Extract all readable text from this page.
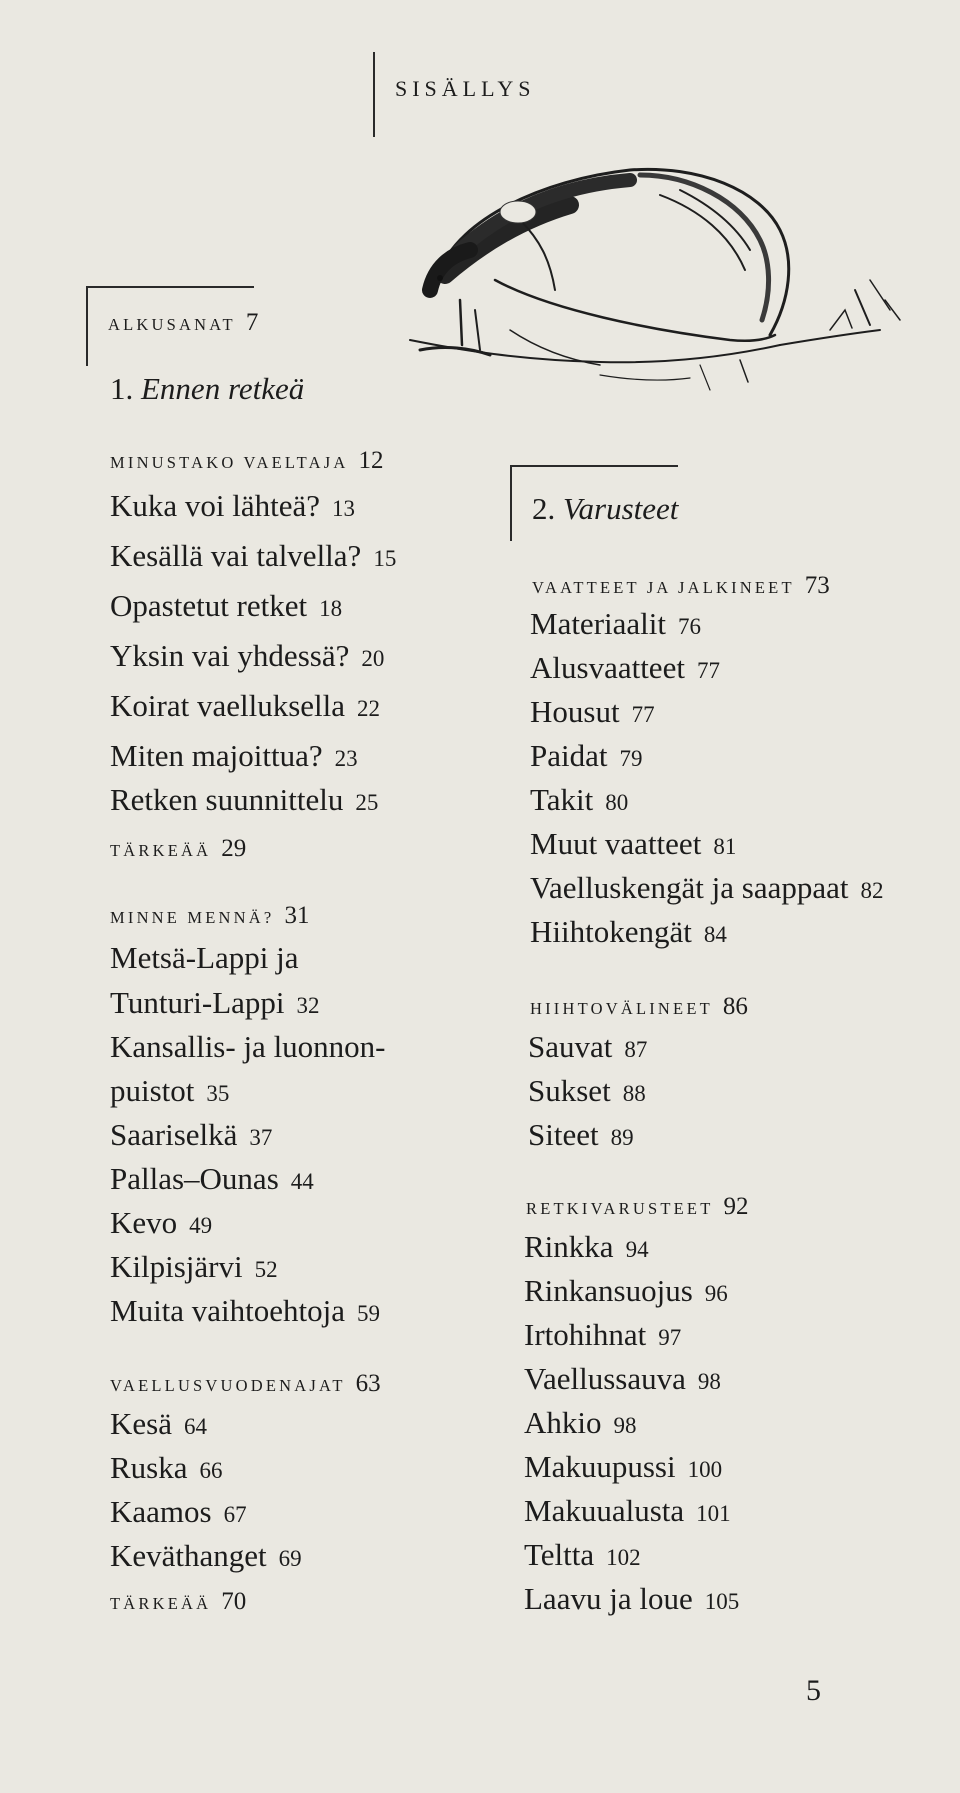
SISÄLLYS
ALKUSANAT 7
1. Ennen retkeä
MINUSTAKO VAELTAJA 12
Kuka voi lähteä? 13
Kesällä vai talvella? 15
Opastetut retket 18
Yksin vai yhdessä? 20
Koirat vaelluksella 22
Miten majoittua? 23
Retken suunnittelu 25
TÄRKEÄÄ 29
MINNE MENNÄ? 31
Metsä-Lappi ja
Tunturi-Lappi 32
Kansallis- ja luonnon-
puistot 35
Saariselkä 37
Pallas–Ounas 44
Kevo 49
Kilpisjärvi 52
Muita vaihtoehtoja 59
VAELLUSVUODENAJAT 63
Kesä 64
Ruska 66
Kaamos 67
Keväthanget 69
TÄRKEÄÄ 70
2. Varusteet
VAATTEET JA JALKINEET 73
Materiaalit 76
Alusvaatteet 77
Housut 77
Paidat 79
Takit 80
Muut vaatteet 81
Vaelluskengät ja saappaat 82
Hiihtokengät 84
HIIHTOVÄLINEET 86
Sauvat 87
Sukset 88
Siteet 89
RETKIVARUSTEET 92
Rinkka 94
Rinkansuojus 96
Irtohihnat 97
Vaellussauva 98
Ahkio 98
Makuupussi 100
Makuualusta 101
Teltta 102
Laavu ja loue 105
5
